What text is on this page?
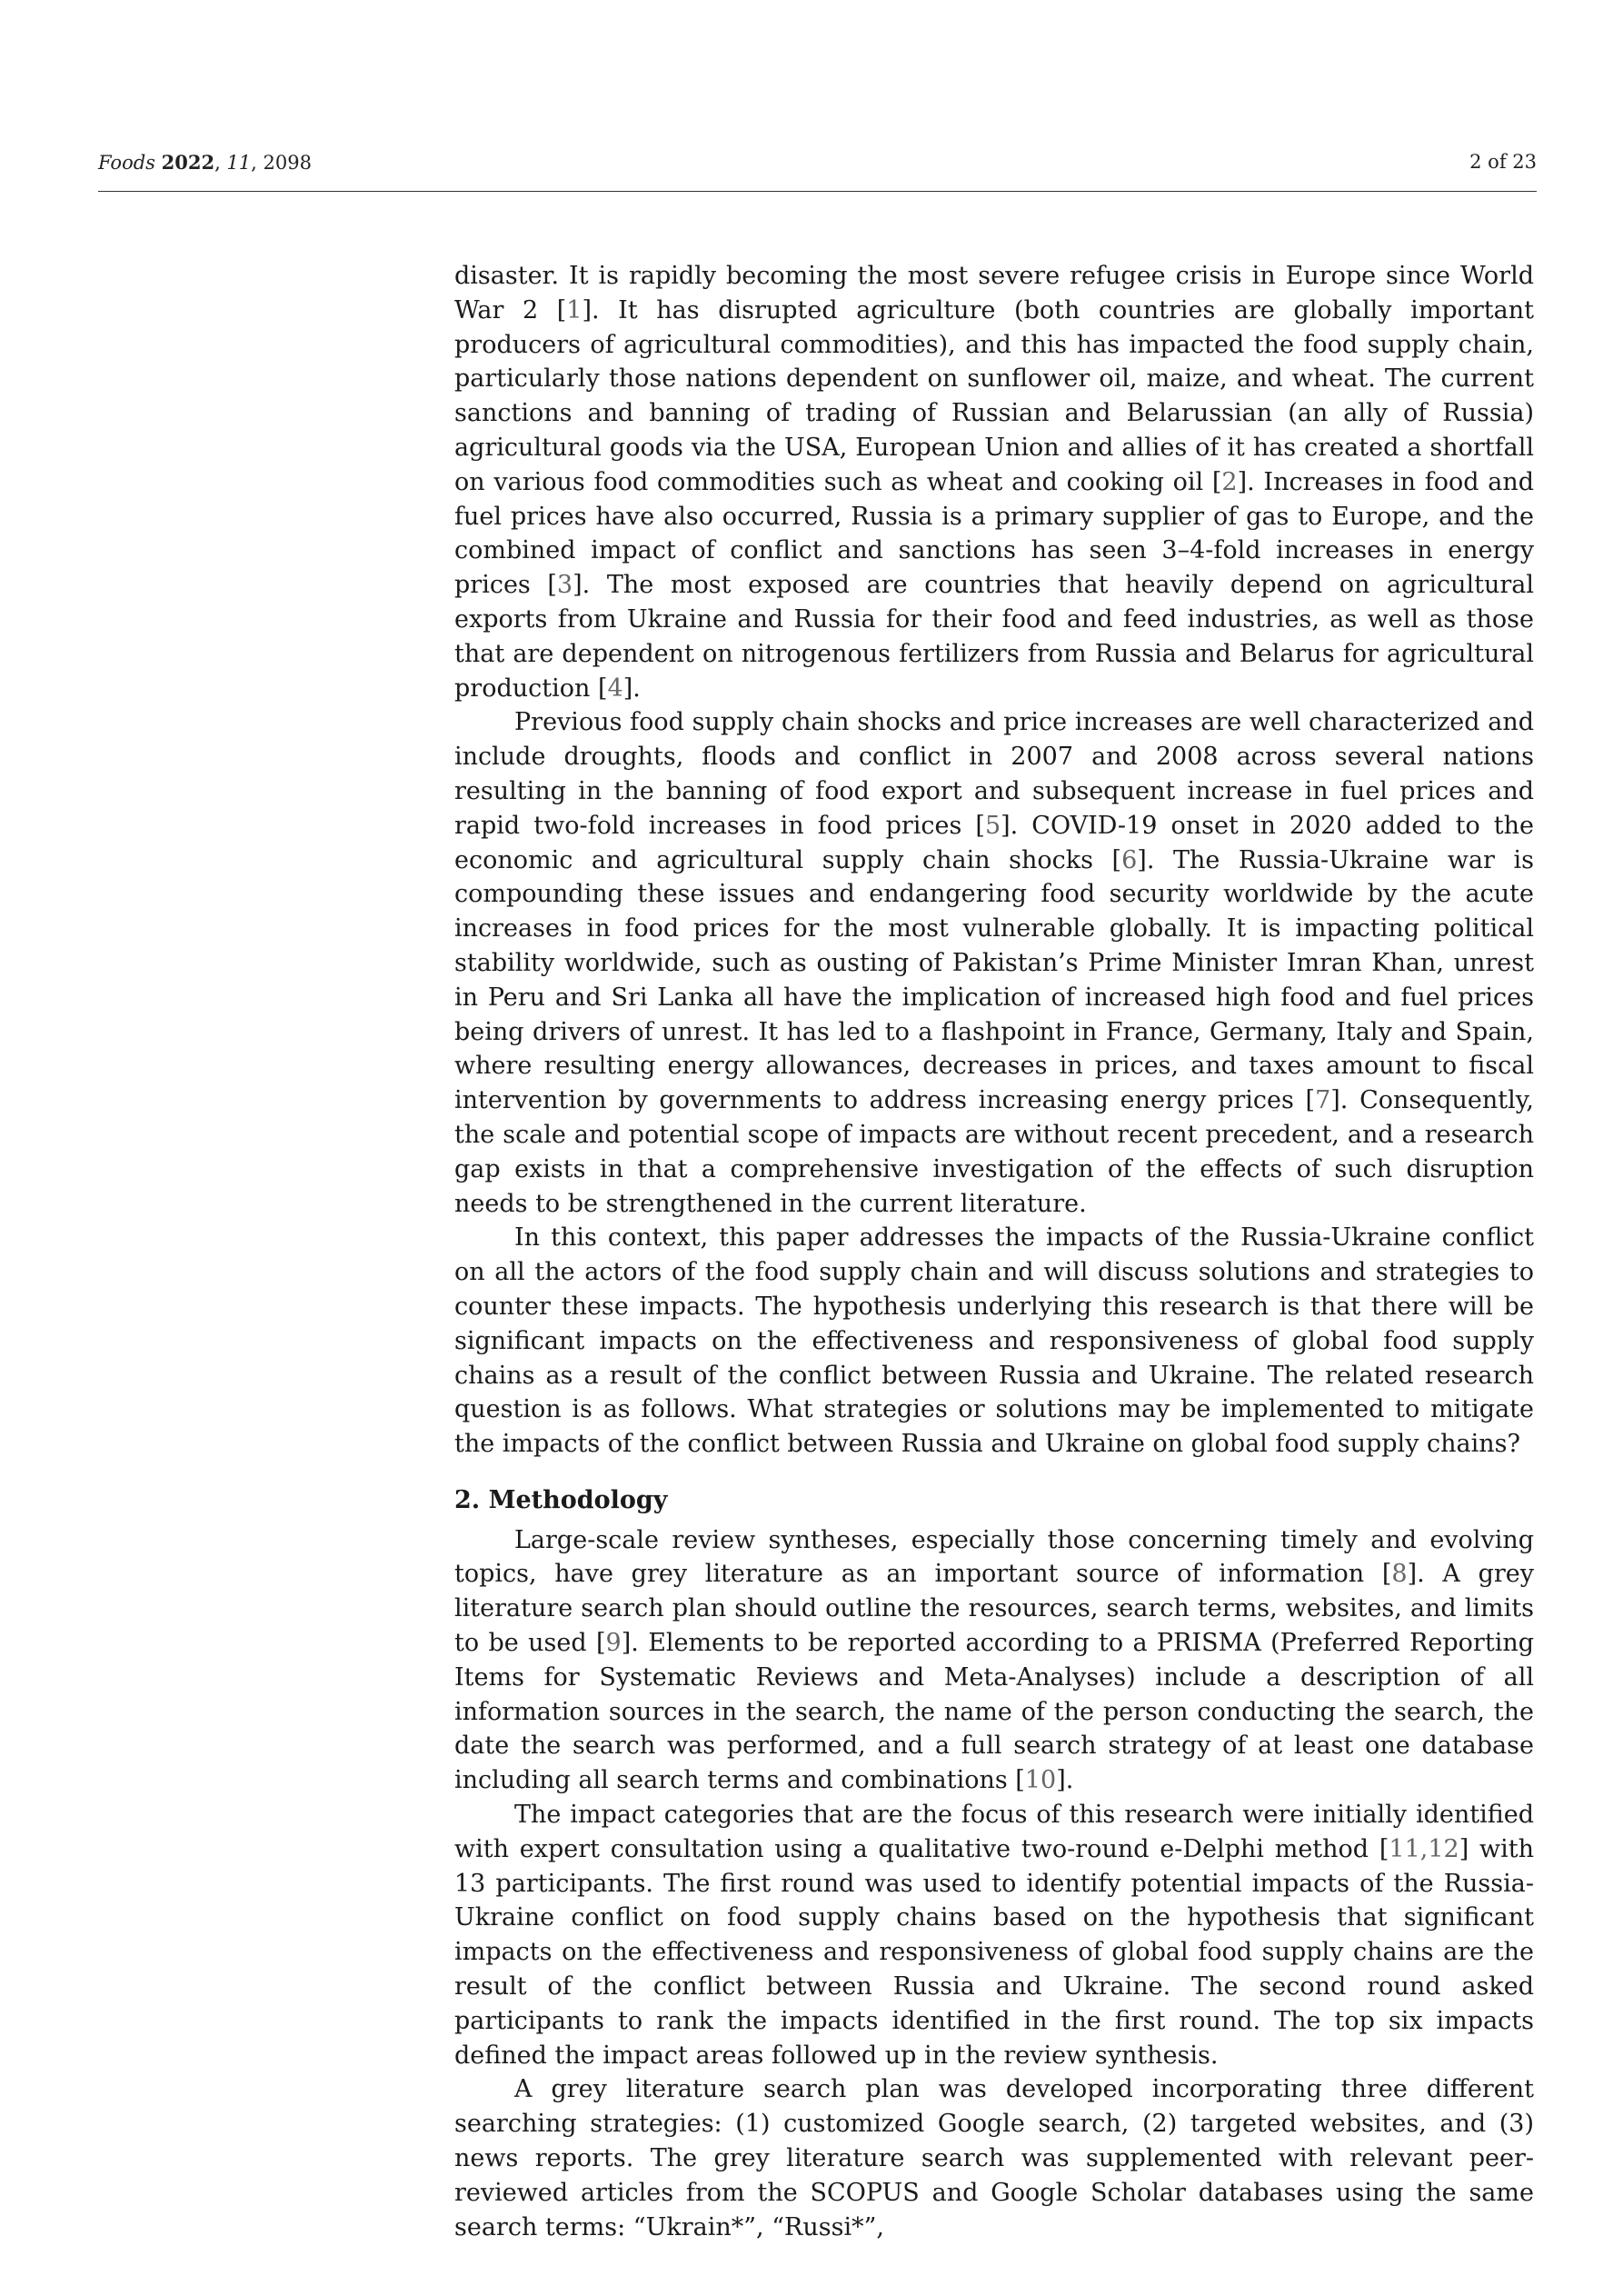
Foods 2022, 11, 2098	2 of 23

disaster. It is rapidly becoming the most severe refugee crisis in Europe since World War 2 [1]. It has disrupted agriculture (both countries are globally important producers of agricultural commodities), and this has impacted the food supply chain, particularly those nations dependent on sunflower oil, maize, and wheat. The current sanctions and banning of trading of Russian and Belarussian (an ally of Russia) agricultural goods via the USA, European Union and allies of it has created a shortfall on various food commodities such as wheat and cooking oil [2]. Increases in food and fuel prices have also occurred, Russia is a primary supplier of gas to Europe, and the combined impact of conflict and sanctions has seen 3–4-fold increases in energy prices [3]. The most exposed are countries that heavily depend on agricultural exports from Ukraine and Russia for their food and feed industries, as well as those that are dependent on nitrogenous fertilizers from Russia and Belarus for agricultural production [4].

Previous food supply chain shocks and price increases are well characterized and include droughts, floods and conflict in 2007 and 2008 across several nations resulting in the banning of food export and subsequent increase in fuel prices and rapid two-fold increases in food prices [5]. COVID-19 onset in 2020 added to the economic and agricultural supply chain shocks [6]. The Russia-Ukraine war is compounding these issues and endangering food security worldwide by the acute increases in food prices for the most vulnerable globally. It is impacting political stability worldwide, such as ousting of Pakistan’s Prime Minister Imran Khan, unrest in Peru and Sri Lanka all have the implication of increased high food and fuel prices being drivers of unrest. It has led to a flashpoint in France, Germany, Italy and Spain, where resulting energy allowances, decreases in prices, and taxes amount to fiscal intervention by governments to address increasing energy prices [7]. Consequently, the scale and potential scope of impacts are without recent precedent, and a research gap exists in that a comprehensive investigation of the effects of such disruption needs to be strengthened in the current literature.

In this context, this paper addresses the impacts of the Russia-Ukraine conflict on all the actors of the food supply chain and will discuss solutions and strategies to counter these impacts. The hypothesis underlying this research is that there will be significant impacts on the effectiveness and responsiveness of global food supply chains as a result of the conflict between Russia and Ukraine. The related research question is as follows. What strategies or solutions may be implemented to mitigate the impacts of the conflict between Russia and Ukraine on global food supply chains?

2. Methodology

Large-scale review syntheses, especially those concerning timely and evolving topics, have grey literature as an important source of information [8]. A grey literature search plan should outline the resources, search terms, websites, and limits to be used [9]. Elements to be reported according to a PRISMA (Preferred Reporting Items for Systematic Reviews and Meta-Analyses) include a description of all information sources in the search, the name of the person conducting the search, the date the search was performed, and a full search strategy of at least one database including all search terms and combinations [10].

The impact categories that are the focus of this research were initially identified with expert consultation using a qualitative two-round e-Delphi method [11,12] with 13 participants. The first round was used to identify potential impacts of the Russia-Ukraine conflict on food supply chains based on the hypothesis that significant impacts on the effectiveness and responsiveness of global food supply chains are the result of the conflict between Russia and Ukraine. The second round asked participants to rank the impacts identified in the first round. The top six impacts defined the impact areas followed up in the review synthesis.

A grey literature search plan was developed incorporating three different searching strategies: (1) customized Google search, (2) targeted websites, and (3) news reports. The grey literature search was supplemented with relevant peer-reviewed articles from the SCOPUS and Google Scholar databases using the same search terms: “Ukrain*”, “Russi*”,
